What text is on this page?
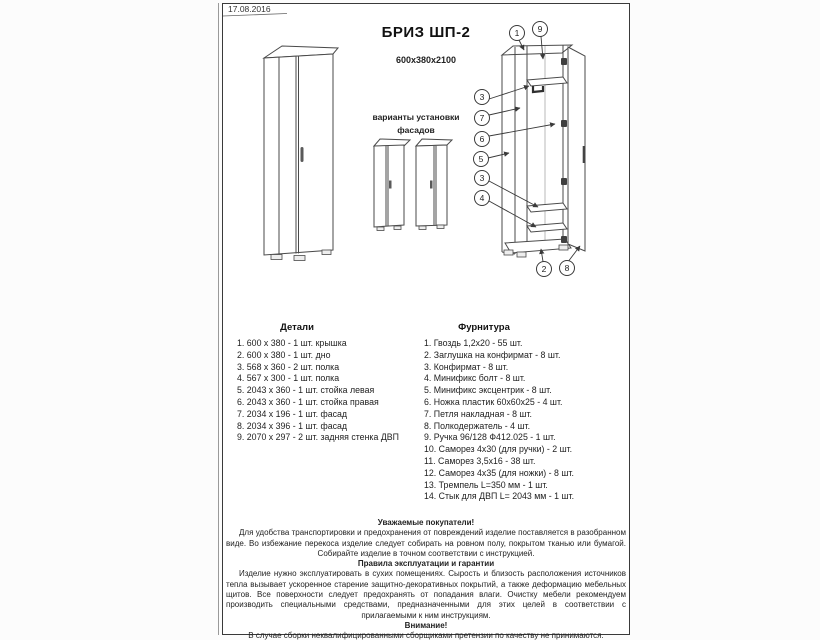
1 9
3
7
6
5
3
4
2 8
17.08.2016
БРИЗ ШП-2
600х380х2100
варианты установки
фасадов
Детали
1. 600 х 380 - 1 шт. крышка
2. 600 х 380 - 1 шт. дно
3. 568 х 360 - 2 шт. полка
4. 567 х 300 - 1 шт. полка
5. 2043 х 360 - 1 шт. стойка левая
6. 2043 х 360 - 1 шт. стойка правая
7. 2034 х 196 - 1 шт. фасад
8. 2034 х 396 - 1 шт. фасад
9. 2070 х 297 - 2 шт. задняя стенка ДВП
Фурнитура
1. Гвоздь 1,2х20 - 55 шт.
2. Заглушка на конфирмат - 8 шт.
3. Конфирмат - 8 шт.
4. Минификс болт - 8 шт.
5. Минификс эксцентрик - 8 шт.
6. Ножка пластик 60х60х25 - 4 шт.
7. Петля накладная - 8 шт.
8. Полкодержатель - 4 шт.
9. Ручка 96/128 Ф412.025 - 1 шт.
10. Саморез 4х30 (для ручки) - 2 шт.
11. Саморез 3,5х16 - 38 шт.
12. Саморез 4х35 (для ножки) - 8 шт.
13. Тремпель L=350 мм - 1 шт.
14. Стык для ДВП L= 2043 мм - 1 шт.
Уважаемые покупатели!

Для удобства транспортировки и предохранения от повреждений изделие поставляется в разобранном виде. Во избежание перекоса изделие следует собирать на ровном полу, покрытом тканью или бумагой. Собирайте изделие в точном соответствии с инструкцией.

Правила эксплуатации и гарантии

Изделие нужно эксплуатировать в сухих помещениях. Сырость и близость расположения источников тепла вызывает ускоренное старение защитно-декоративных покрытий, а также деформацию мебельных щитов. Все поверхности следует предохранять от попадания влаги. Очистку мебели рекомендуем производить специальными средствами, предназначенными для этих целей в соответствии с прилагаемыми к ним инструкциям.

Внимание!

В случае сборки неквалифицированными сборщиками претензии по качеству не принимаются.
